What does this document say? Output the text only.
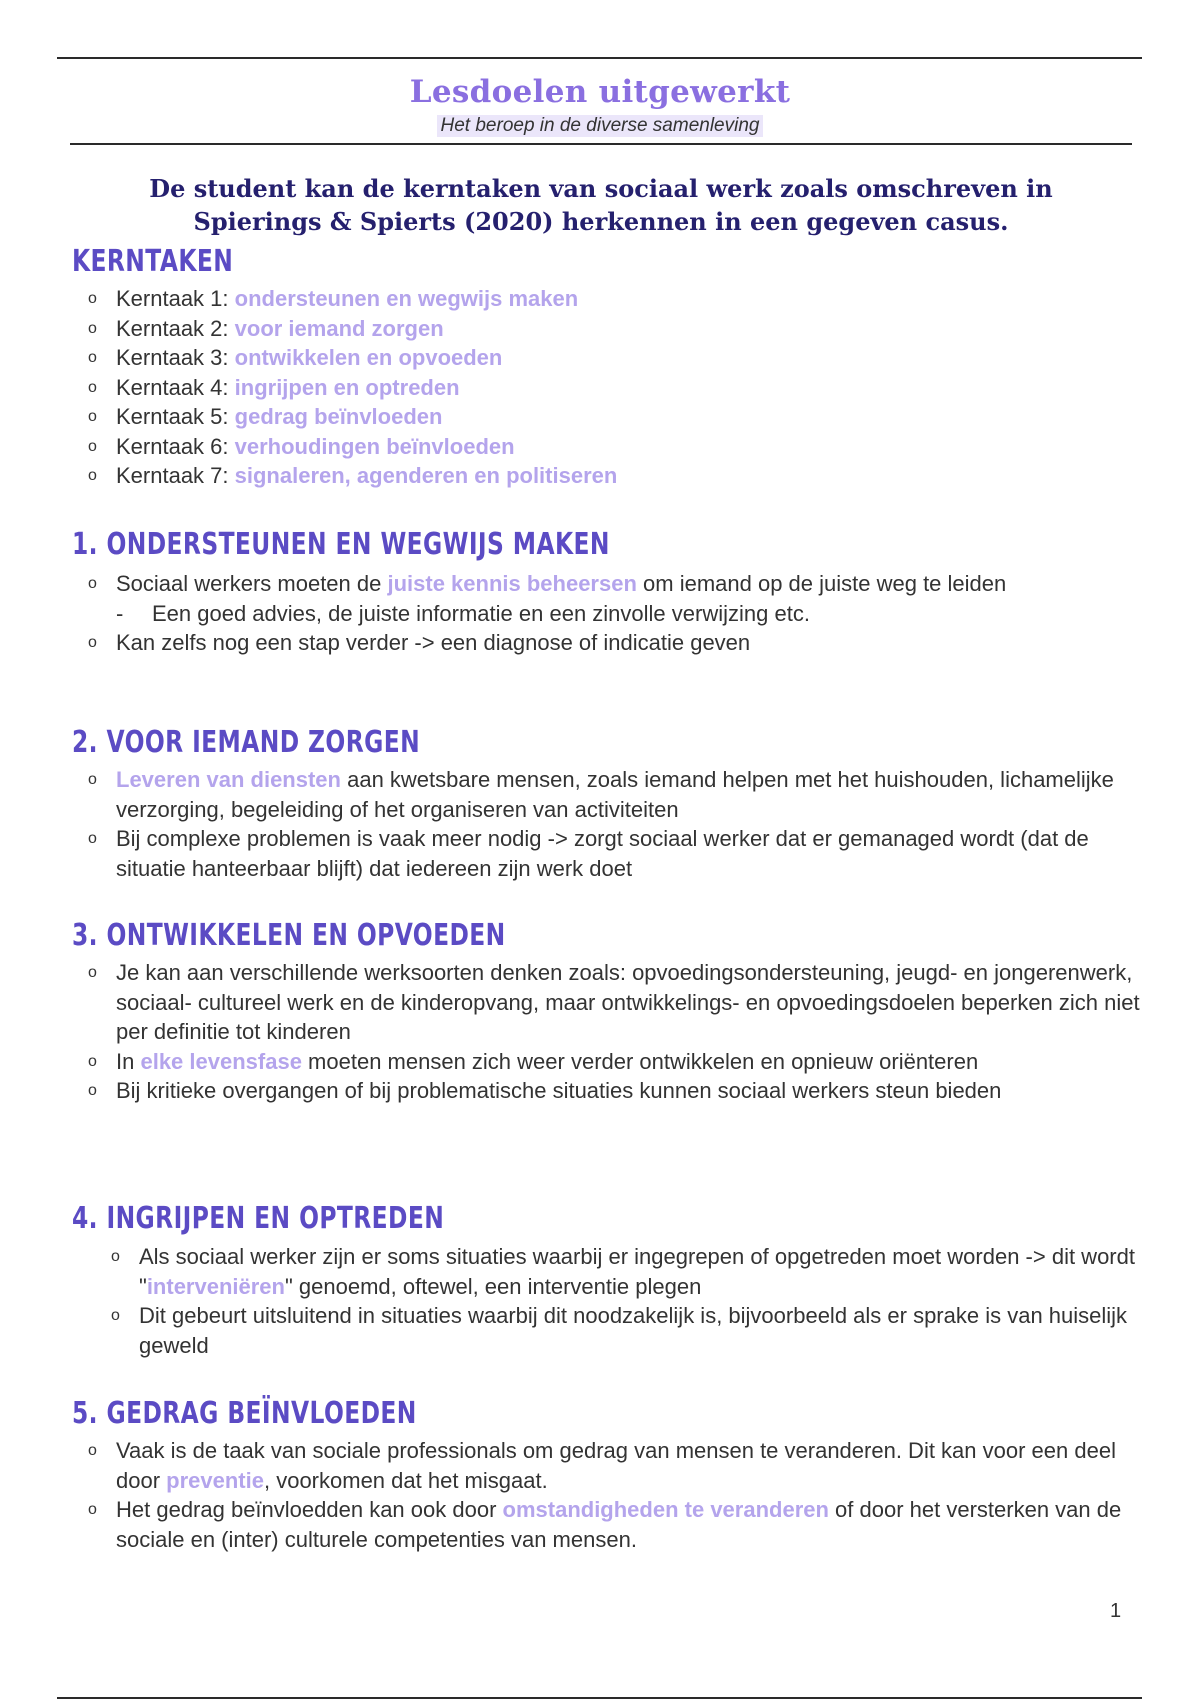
Lesdoelen uitgewerkt
Het beroep in de diverse samenleving

De student kan de kerntaken van sociaal werk zoals omschreven in
Spierings & Spierts (2020) herkennen in een gegeven casus.

KERNTAKEN
o Kerntaak 1: ondersteunen en wegwijs maken
o Kerntaak 2: voor iemand zorgen
o Kerntaak 3: ontwikkelen en opvoeden
o Kerntaak 4: ingrijpen en optreden
o Kerntaak 5: gedrag beïnvloeden
o Kerntaak 6: verhoudingen beïnvloeden
o Kerntaak 7: signaleren, agenderen en politiseren
1. ONDERSTEUNEN EN WEGWIJS MAKEN
o Sociaal werkers moeten de juiste kennis beheersen om iemand op de juiste weg te leiden
- Een goed advies, de juiste informatie en een zinvolle verwijzing etc.
o Kan zelfs nog een stap verder -> een diagnose of indicatie geven
2. VOOR IEMAND ZORGEN
o Leveren van diensten aan kwetsbare mensen, zoals iemand helpen met het huishouden, lichamelijke verzorging, begeleiding of het organiseren van activiteiten
o Bij complexe problemen is vaak meer nodig -> zorgt sociaal werker dat er gemanaged wordt (dat de situatie hanteerbaar blijft) dat iedereen zijn werk doet
3. ONTWIKKELEN EN OPVOEDEN
o Je kan aan verschillende werksoorten denken zoals: opvoedingsondersteuning, jeugd- en jongerenwerk, sociaal- cultureel werk en de kinderopvang, maar ontwikkelings- en opvoedingsdoelen beperken zich niet per definitie tot kinderen
o In elke levensfase moeten mensen zich weer verder ontwikkelen en opnieuw oriënteren
o Bij kritieke overgangen of bij problematische situaties kunnen sociaal werkers steun bieden
4. INGRIJPEN EN OPTREDEN
o Als sociaal werker zijn er soms situaties waarbij er ingegrepen of opgetreden moet worden -> dit wordt "interveniëren" genoemd, oftewel, een interventie plegen
o Dit gebeurt uitsluitend in situaties waarbij dit noodzakelijk is, bijvoorbeeld als er sprake is van huiselijk geweld
5. GEDRAG BEÏNVLOEDEN
o Vaak is de taak van sociale professionals om gedrag van mensen te veranderen. Dit kan voor een deel door preventie, voorkomen dat het misgaat.
o Het gedrag beïnvloedden kan ook door omstandigheden te veranderen of door het versterken van de sociale en (inter) culturele competenties van mensen.
1
